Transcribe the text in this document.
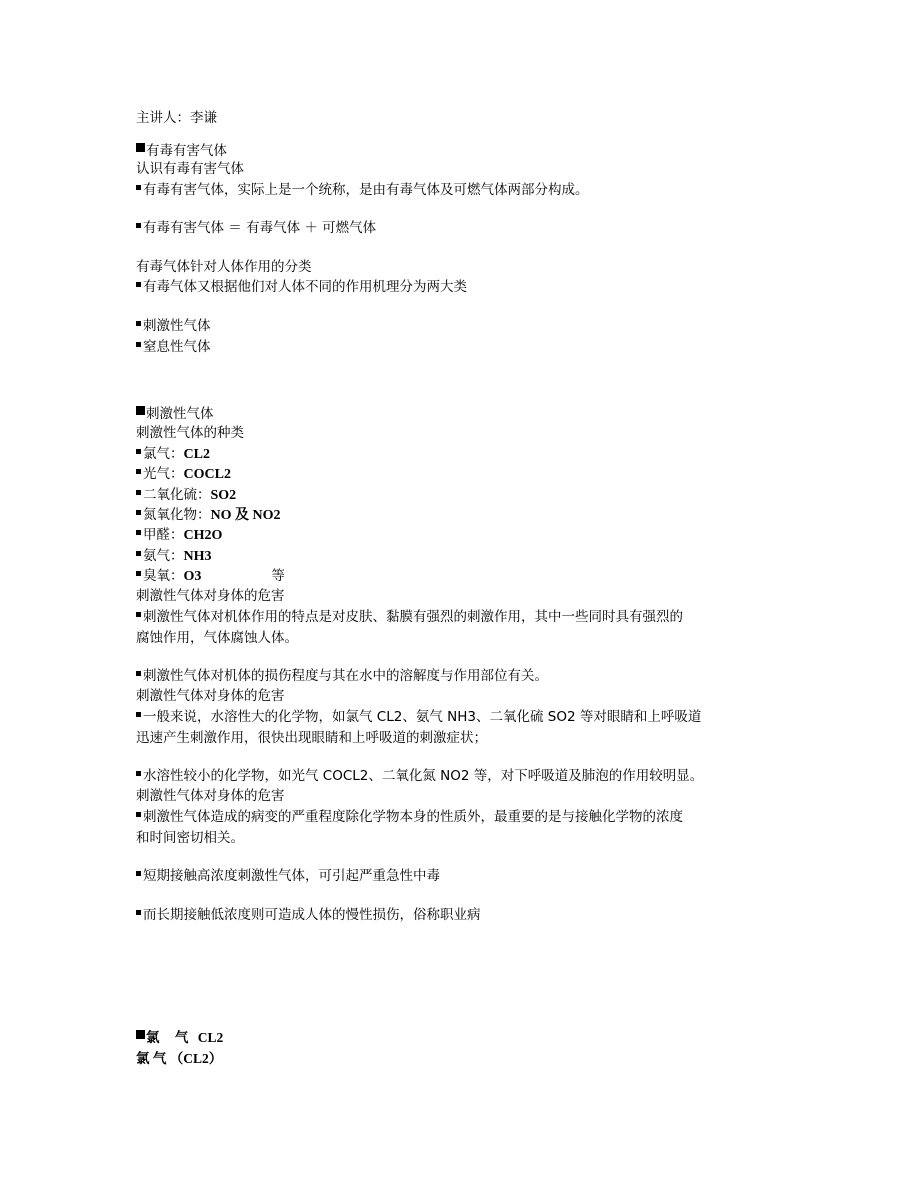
主讲人：李谦
有毒有害气体
认识有毒有害气体
有毒有害气体，实际上是一个统称，是由有毒气体及可燃气体两部分构成。
有毒有害气体 ＝ 有毒气体 ＋ 可燃气体
有毒气体针对人体作用的分类
有毒气体又根据他们对人体不同的作用机理分为两大类
刺激性气体
窒息性气体
刺激性气体
刺激性气体的种类
氯气：CL2
光气：COCL2
二氧化硫：SO2
氮氧化物：NO 及 NO2
甲醛：CH2O
氨气：NH3
臭氧：O3	等
刺激性气体对身体的危害
刺激性气体对机体作用的特点是对皮肤、黏膜有强烈的刺激作用，其中一些同时具有强烈的
腐蚀作用，气体腐蚀人体。
刺激性气体对机体的损伤程度与其在水中的溶解度与作用部位有关。
刺激性气体对身体的危害
一般来说，水溶性大的化学物，如氯气 CL2、氨气 NH3、二氧化硫 SO2 等对眼睛和上呼吸道
迅速产生刺激作用，很快出现眼睛和上呼吸道的刺激症状；
水溶性较小的化学物，如光气 COCL2、二氧化氮 NO2 等，对下呼吸道及肺泡的作用较明显。
刺激性气体对身体的危害
刺激性气体造成的病变的严重程度除化学物本身的性质外，最重要的是与接触化学物的浓度
和时间密切相关。
短期接触高浓度刺激性气体，可引起严重急性中毒
而长期接触低浓度则可造成人体的慢性损伤，俗称职业病
氯 气 CL2
氯 气 （CL2）
